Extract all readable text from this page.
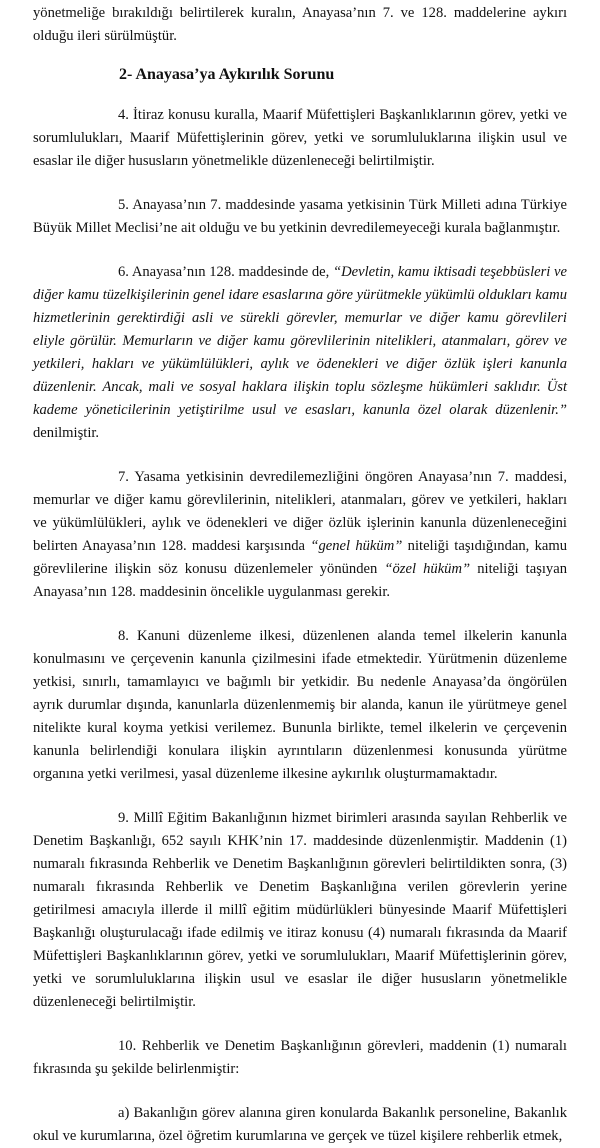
yönetmeliğe bırakıldığı belirtilerek kuralın, Anayasa’nın 7. ve 128. maddelerine aykırı olduğu ileri sürülmüştür.

2- Anayasa’ya Aykırılık Sorunu

4. İtiraz konusu kuralla, Maarif Müfettişleri Başkanlıklarının görev, yetki ve sorumlulukları, Maarif Müfettişlerinin görev, yetki ve sorumluluklarına ilişkin usul ve esaslar ile diğer hususların yönetmelikle düzenleneceği belirtilmiştir.

5. Anayasa’nın 7. maddesinde yasama yetkisinin Türk Milleti adına Türkiye Büyük Millet Meclisi’ne ait olduğu ve bu yetkinin devredilemeyeceği kurala bağlanmıştır.

6. Anayasa’nın 128. maddesinde de, “Devletin, kamu iktisadi teşebbüsleri ve diğer kamu tüzelkişilerinin genel idare esaslarına göre yürütmekle yükümlü oldukları kamu hizmetlerinin gerektirdiği asli ve sürekli görevler, memurlar ve diğer kamu görevlileri eliyle görülür. Memurların ve diğer kamu görevlilerinin nitelikleri, atanmaları, görev ve yetkileri, hakları ve yükümlülükleri, aylık ve ödenekleri ve diğer özlük işleri kanunla düzenlenir. Ancak, mali ve sosyal haklara ilişkin toplu sözleşme hükümleri saklıdır. Üst kademe yöneticilerinin yetiştirilme usul ve esasları, kanunla özel olarak düzenlenir.” denilmiştir.

7. Yasama yetkisinin devredilemezliğini öngören Anayasa’nın 7. maddesi, memurlar ve diğer kamu görevlilerinin, nitelikleri, atanmaları, görev ve yetkileri, hakları ve yükümlülükleri, aylık ve ödenekleri ve diğer özlük işlerinin kanunla düzenleneceğini belirten Anayasa’nın 128. maddesi karşısında “genel hüküm” niteliği taşıdığından, kamu görevlilerine ilişkin söz konusu düzenlemeler yönünden “özel hüküm” niteliği taşıyan Anayasa’nın 128. maddesinin öncelikle uygulanması gerekir.

8. Kanuni düzenleme ilkesi, düzenlenen alanda temel ilkelerin kanunla konulmasını ve çerçevenin kanunla çizilmesini ifade etmektedir. Yürütmenin düzenleme yetkisi, sınırlı, tamamlayıcı ve bağımlı bir yetkidir. Bu nedenle Anayasa’da öngörülen ayrık durumlar dışında, kanunlarla düzenlenmemiş bir alanda, kanun ile yürütmeye genel nitelikte kural koyma yetkisi verilemez. Bununla birlikte, temel ilkelerin ve çerçevenin kanunla belirlendiği konulara ilişkin ayrıntıların düzenlenmesi konusunda yürütme organına yetki verilmesi, yasal düzenleme ilkesine aykırılık oluşturmamaktadır.

9. Millî Eğitim Bakanlığının hizmet birimleri arasında sayılan Rehberlik ve Denetim Başkanlığı, 652 sayılı KHK’nin 17. maddesinde düzenlenmiştir. Maddenin (1) numaralı fıkrasında Rehberlik ve Denetim Başkanlığının görevleri belirtildikten sonra, (3) numaralı fıkrasında Rehberlik ve Denetim Başkanlığına verilen görevlerin yerine getirilmesi amacıyla illerde il millî eğitim müdürlükleri bünyesinde Maarif Müfettişleri Başkanlığı oluşturulacağı ifade edilmiş ve itiraz konusu (4) numaralı fıkrasında da Maarif Müfettişleri Başkanlıklarının görev, yetki ve sorumlulukları, Maarif Müfettişlerinin görev, yetki ve sorumluluklarına ilişkin usul ve esaslar ile diğer hususların yönetmelikle düzenleneceği belirtilmiştir.

10. Rehberlik ve Denetim Başkanlığının görevleri, maddenin (1) numaralı fıkrasında şu şekilde belirlenmiştir:

a) Bakanlığın görev alanına giren konularda Bakanlık personeline, Bakanlık okul ve kurumlarına, özel öğretim kurumlarına ve gerçek ve tüzel kişilere rehberlik etmek,
